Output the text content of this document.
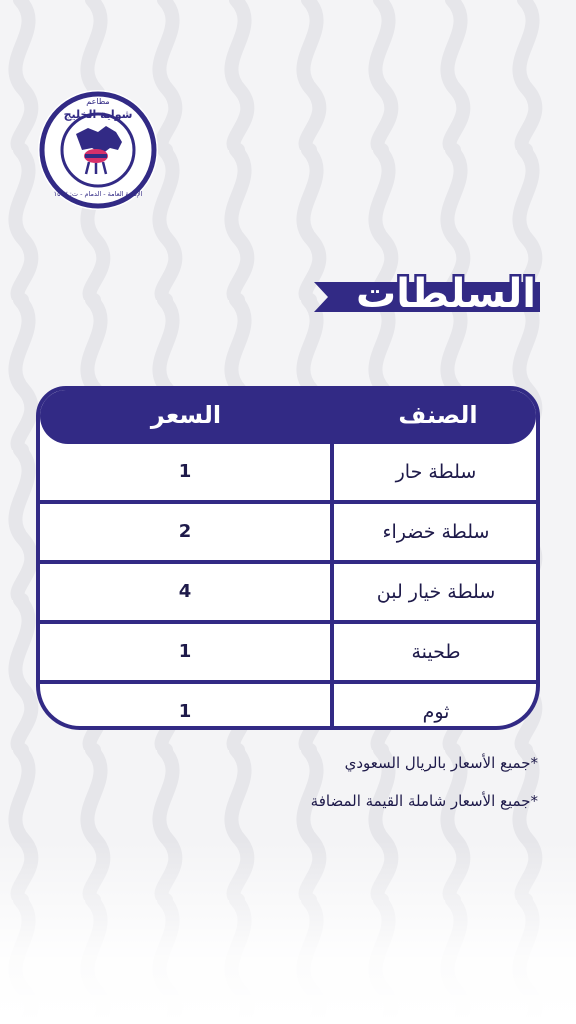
مطاعم
شواية الخليج
الإدارة العامة - الدمام - ت: ١٥٩٢
السلطات
الصنف
السعر
سلطة حار
1
سلطة خضراء
2
سلطة خيار لبن
4
طحينة
1
ثوم
1
*جميع الأسعار بالريال السعودي
*جميع الأسعار شاملة القيمة المضافة
